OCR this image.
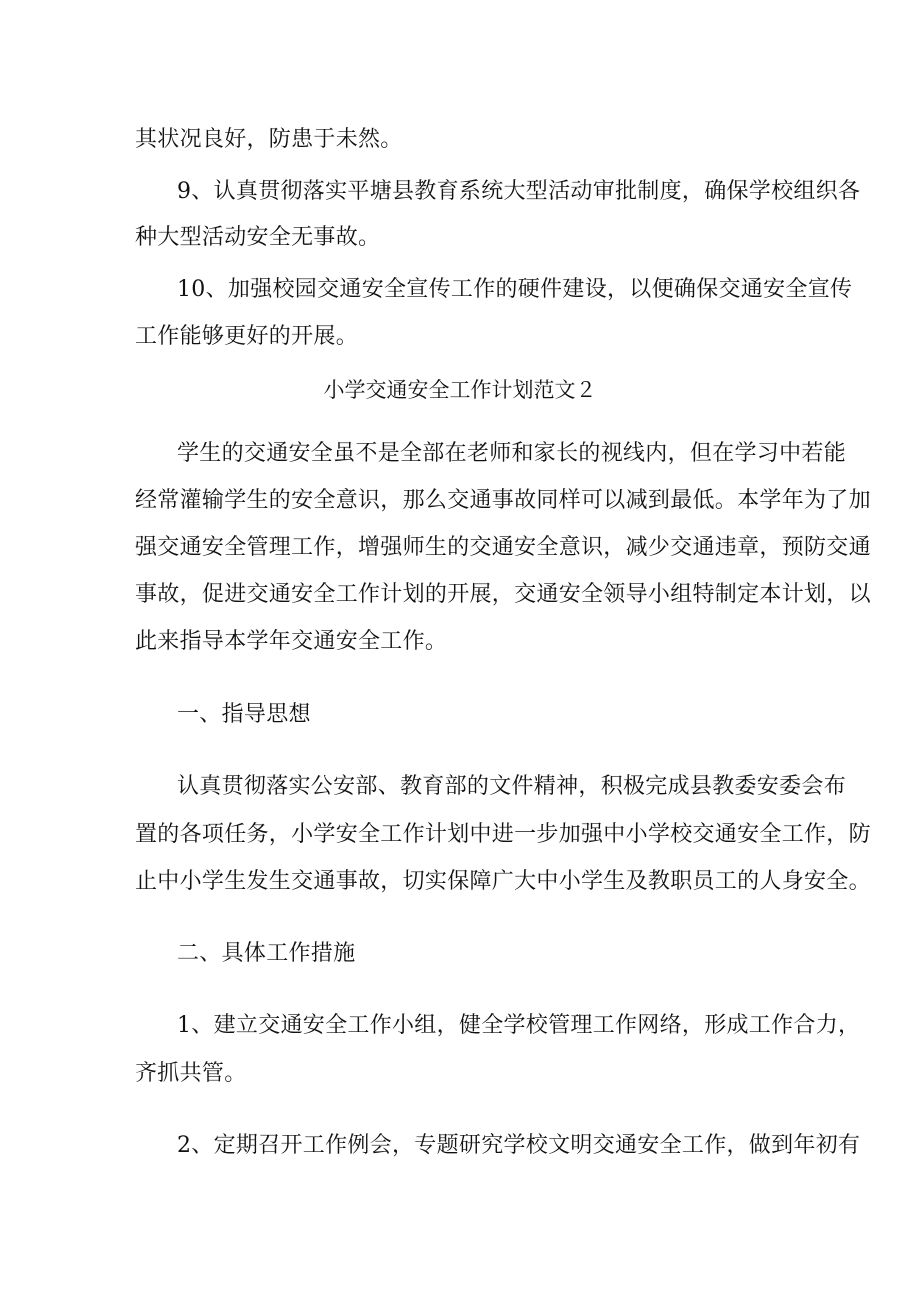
其状况良好，防患于未然。
9、认真贯彻落实平塘县教育系统大型活动审批制度，确保学校组织各
种大型活动安全无事故。
10、加强校园交通安全宣传工作的硬件建设，以便确保交通安全宣传
工作能够更好的开展。
小学交通安全工作计划范文２
学生的交通安全虽不是全部在老师和家长的视线内，但在学习中若能
经常灌输学生的安全意识，那么交通事故同样可以减到最低。本学年为了加
强交通安全管理工作，增强师生的交通安全意识，减少交通违章，预防交通
事故，促进交通安全工作计划的开展，交通安全领导小组特制定本计划，以
此来指导本学年交通安全工作。
一、指导思想
认真贯彻落实公安部、教育部的文件精神，积极完成县教委安委会布
置的各项任务，小学安全工作计划中进一步加强中小学校交通安全工作，防
止中小学生发生交通事故，切实保障广大中小学生及教职员工的人身安全。
二、具体工作措施
1、建立交通安全工作小组，健全学校管理工作网络，形成工作合力，
齐抓共管。
2、定期召开工作例会，专题研究学校文明交通安全工作，做到年初有
